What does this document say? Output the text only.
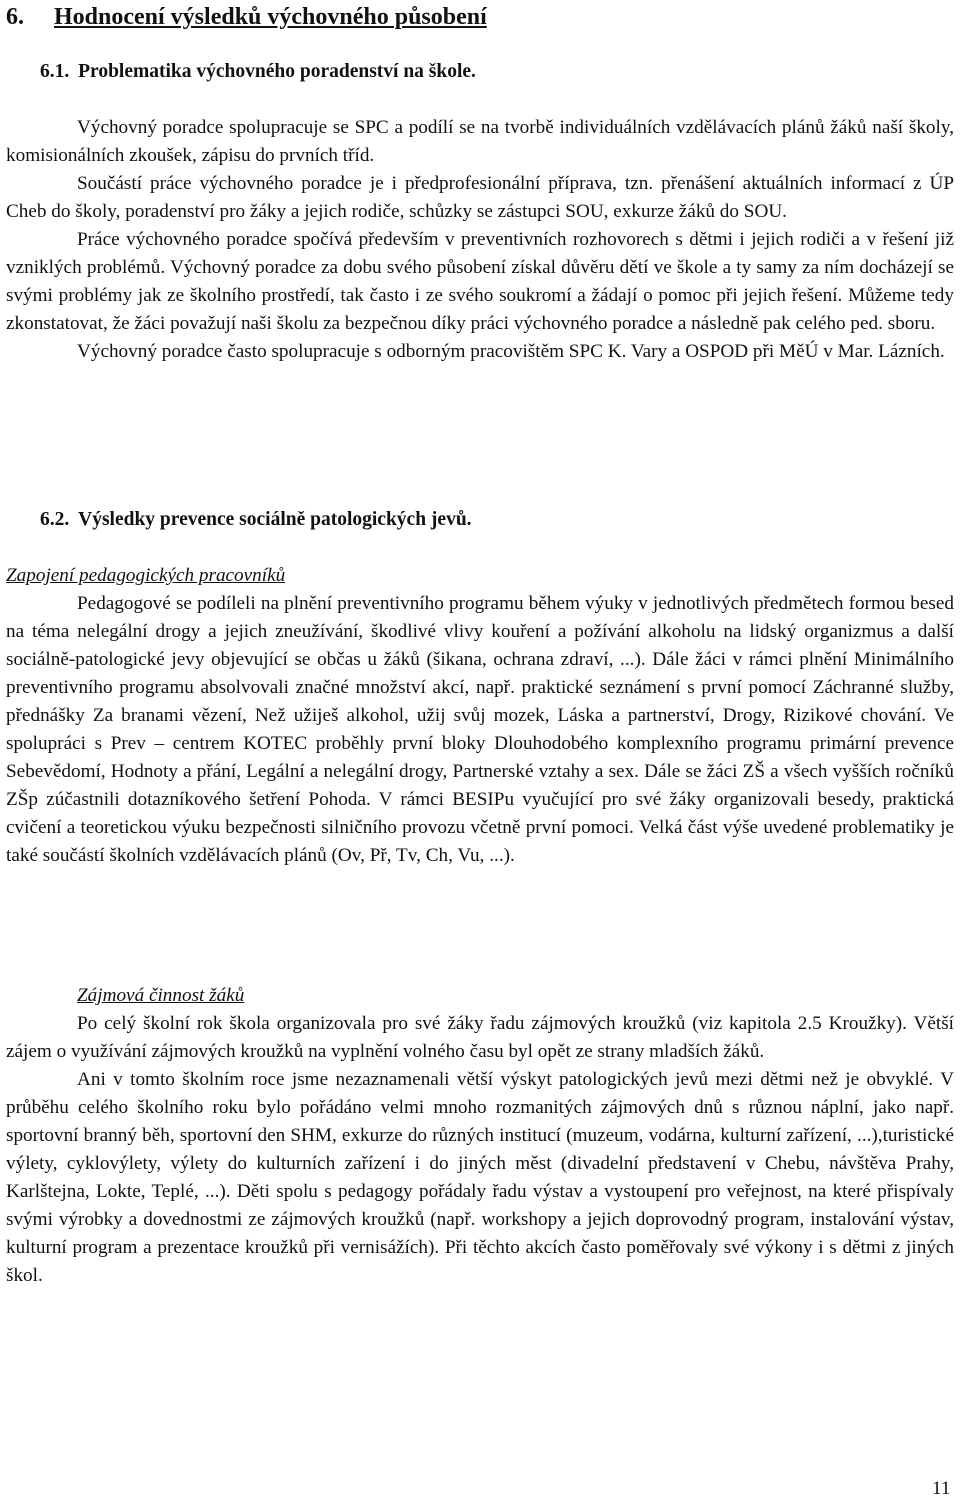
6. Hodnocení výsledků výchovného působení
6.1. Problematika výchovného poradenství na škole.

Výchovný poradce spolupracuje se SPC a podílí se na tvorbě individuálních vzdělávacích plánů žáků naší školy, komisionálních zkoušek, zápisu do prvních tříd.

Součástí práce výchovného poradce je i předprofesionální příprava, tzn. přenášení aktuálních informací z ÚP Cheb do školy, poradenství pro žáky a jejich rodiče, schůzky se zástupci SOU, exkurze žáků do SOU.

Práce výchovného poradce spočívá především v preventivních rozhovorech s dětmi i jejich rodiči a v řešení již vzniklých problémů. Výchovný poradce za dobu svého působení získal důvěru dětí ve škole a ty samy za ním docházejí se svými problémy jak ze školního prostředí, tak často i ze svého soukromí a žádají o pomoc při jejich řešení. Můžeme tedy zkonstatovat, že žáci považují naši školu za bezpečnou díky práci výchovného poradce a následně pak celého ped. sboru.

Výchovný poradce často spolupracuje s odborným pracovištěm SPC K. Vary a OSPOD při MěÚ v Mar. Lázních.

6.2. Výsledky prevence sociálně patologických jevů.
Zapojení pedagogických pracovníků

Pedagogové se podíleli na plnění preventivního programu během výuky v jednotlivých předmětech formou besed na téma nelegální drogy a jejich zneužívání, škodlivé vlivy kouření a požívání alkoholu na lidský organizmus a další sociálně-patologické jevy objevující se občas u žáků (šikana, ochrana zdraví, ...). Dále žáci v rámci plnění Minimálního preventivního programu absolvovali značné množství akcí, např. praktické seznámení s první pomocí Záchranné služby, přednášky Za branami vězení, Než užiješ alkohol, užij svůj mozek, Láska a partnerství, Drogy, Rizikové chování. Ve spolupráci s Prev – centrem KOTEC proběhly první bloky Dlouhodobého komplexního programu primární prevence Sebevědomí, Hodnoty a přání, Legální a nelegální drogy, Partnerské vztahy a sex. Dále se žáci ZŠ a všech vyšších ročníků ZŠp zúčastnili dotazníkového šetření Pohoda. V rámci BESIPu vyučující pro své žáky organizovali besedy, praktická cvičení a teoretickou výuku bezpečnosti silničního provozu včetně první pomoci. Velká část výše uvedené problematiky je také součástí školních vzdělávacích plánů (Ov, Př, Tv, Ch, Vu, ...).

Zájmová činnost žáků

Po celý školní rok škola organizovala pro své žáky řadu zájmových kroužků (viz kapitola 2.5 Kroužky). Větší zájem o využívání zájmových kroužků na vyplnění volného času byl opět ze strany mladších žáků.

Ani v tomto školním roce jsme nezaznamenali větší výskyt patologických jevů mezi dětmi než je obvyklé. V průběhu celého školního roku bylo pořádáno velmi mnoho rozmanitých zájmových dnů s různou náplní, jako např. sportovní branný běh, sportovní den SHM, exkurze do různých institucí (muzeum, vodárna, kulturní zařízení, ...),turistické výlety, cyklovýlety, výlety do kulturních zařízení i do jiných měst (divadelní představení v Chebu, návštěva Prahy, Karlštejna, Lokte, Teplé, ...). Děti spolu s pedagogy pořádaly řadu výstav a vystoupení pro veřejnost, na které přispívaly svými výrobky a dovednostmi ze zájmových kroužků (např. workshopy a jejich doprovodný program, instalování výstav, kulturní program a prezentace kroužků při vernisážích). Při těchto akcích často poměřovaly své výkony i s dětmi z jiných škol.

11
